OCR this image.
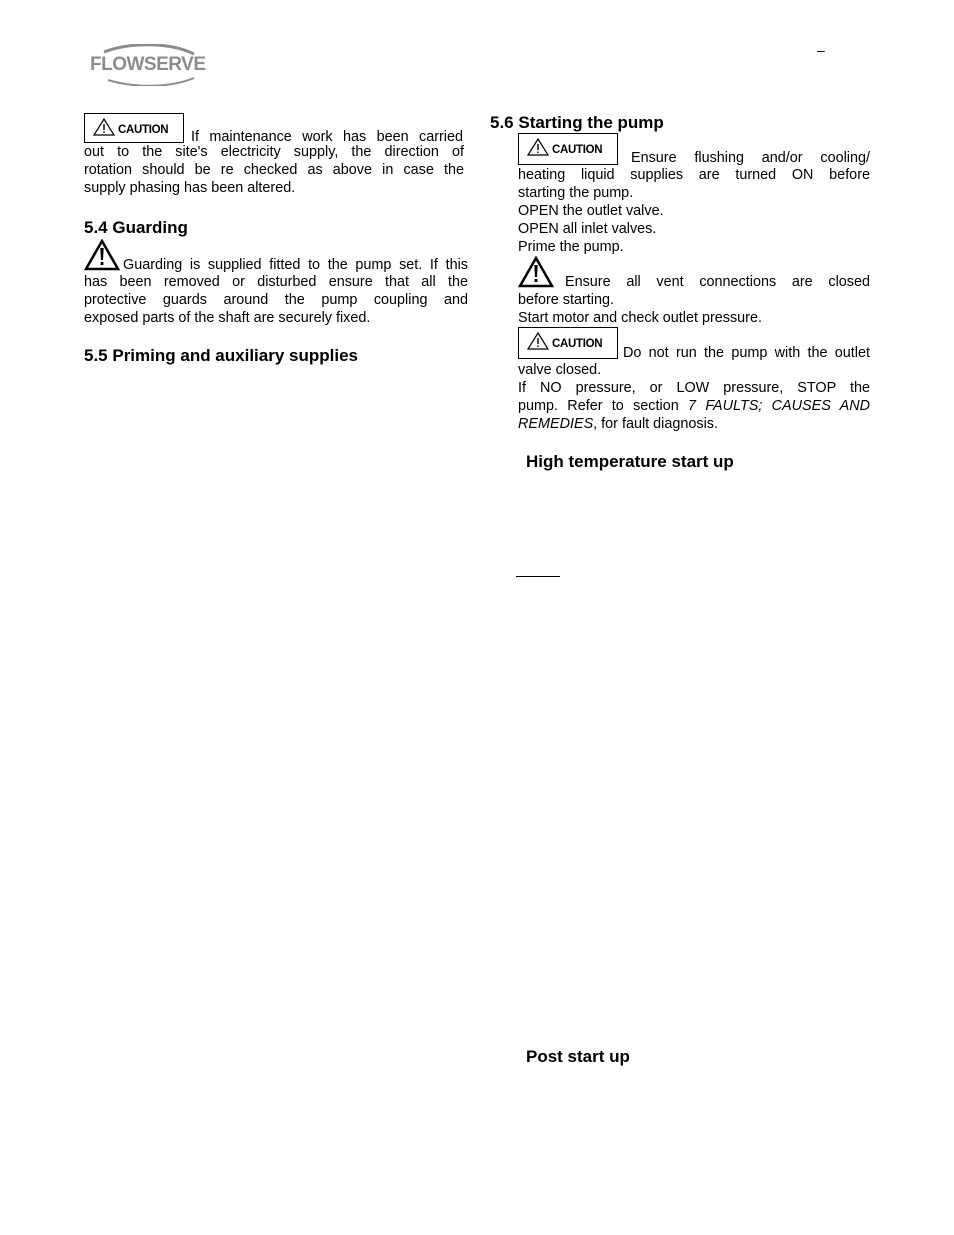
FLOWSERVE
–
CAUTION If maintenance work has been carried
out to the site's electricity supply, the direction of
rotation should be re checked as above in case the
supply phasing has been altered.
5.4 Guarding
Guarding is supplied fitted to the pump set. If this
has been removed or disturbed ensure that all the
protective guards around the pump coupling and
exposed parts of the shaft are securely fixed.
5.5 Priming and auxiliary supplies
5.6 Starting the pump
CAUTION Ensure flushing and/or cooling/
heating liquid supplies are turned ON before
starting the pump.
OPEN the outlet valve.
OPEN all inlet valves.
Prime the pump.
Ensure all vent connections are closed
before starting.
Start motor and check outlet pressure.
CAUTION
Do not run the pump with the outlet
valve closed.
If NO pressure, or LOW pressure, STOP the
pump. Refer to section 7 FAULTS; CAUSES AND
REMEDIES, for fault diagnosis.
High temperature start up
Post start up
